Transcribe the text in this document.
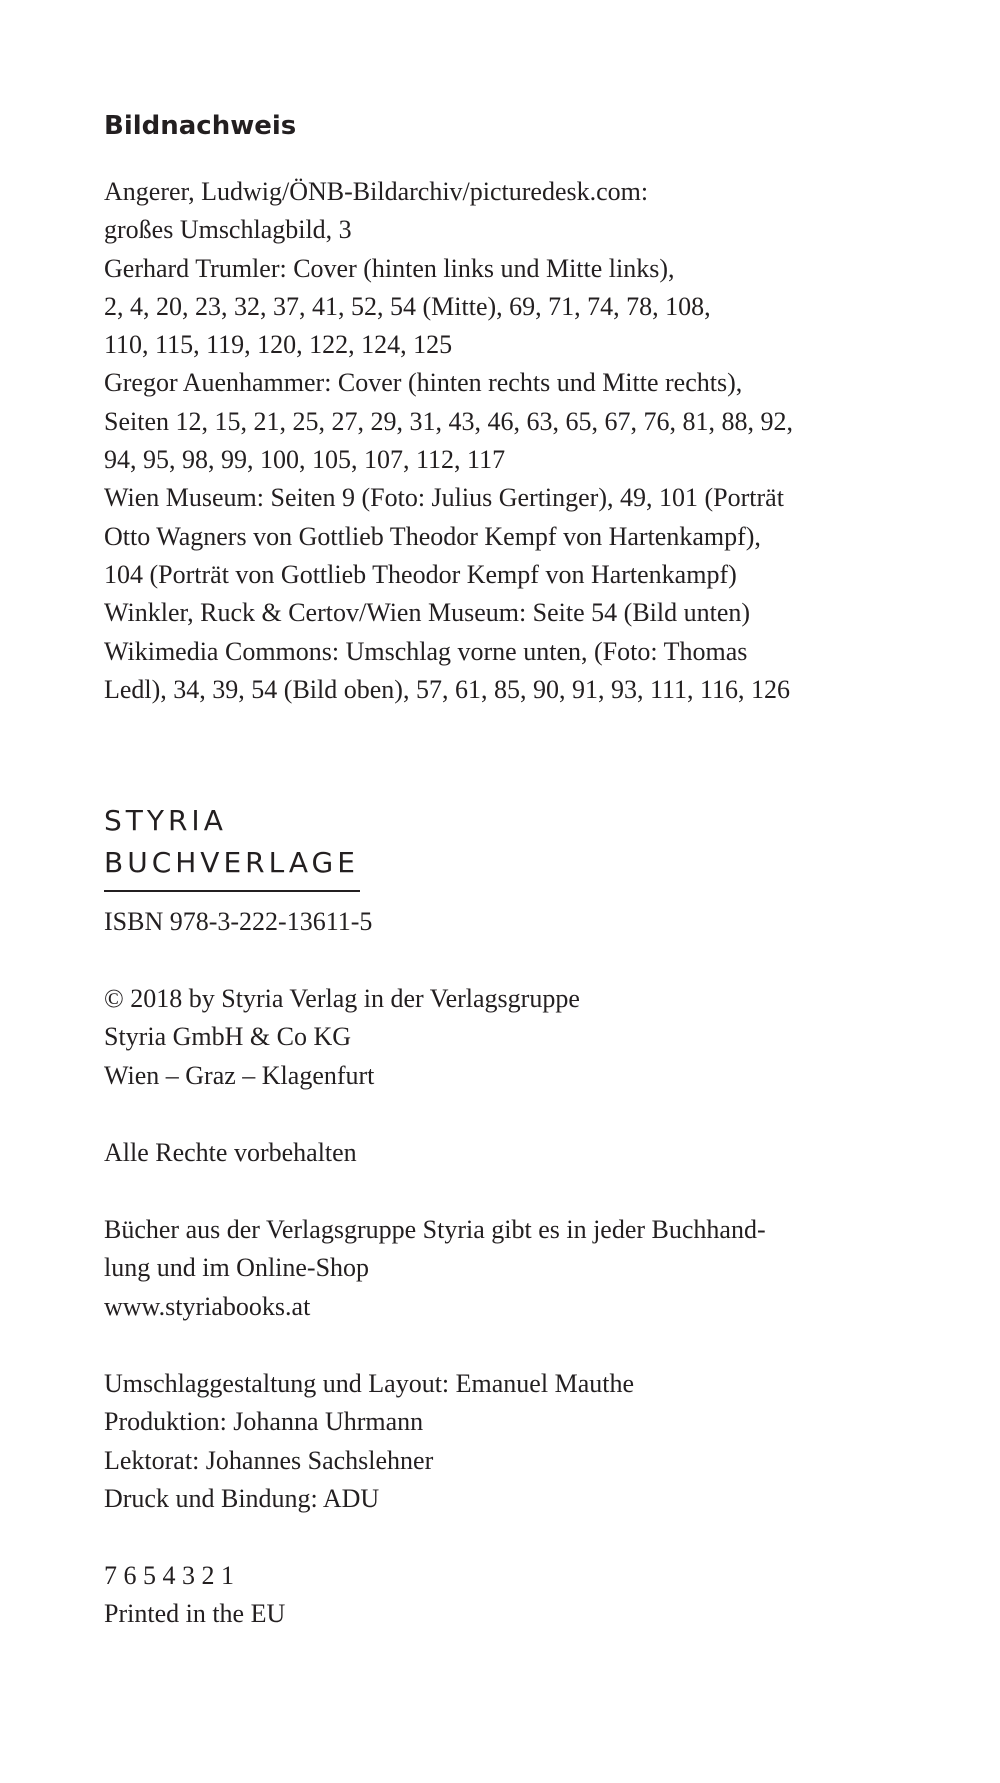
Bildnachweis
Angerer, Ludwig/ÖNB-Bildarchiv/picturedesk.com:
großes Umschlagbild, 3
Gerhard Trumler: Cover (hinten links und Mitte links),
2, 4, 20, 23, 32, 37, 41, 52, 54 (Mitte), 69, 71, 74, 78, 108,
110, 115, 119, 120, 122, 124, 125
Gregor Auenhammer: Cover (hinten rechts und Mitte rechts),
Seiten 12, 15, 21, 25, 27, 29, 31, 43, 46, 63, 65, 67, 76, 81, 88, 92,
94, 95, 98, 99, 100, 105, 107, 112, 117
Wien Museum: Seiten 9 (Foto: Julius Gertinger), 49, 101 (Porträt
Otto Wagners von Gottlieb Theodor Kempf von Hartenkampf),
104 (Porträt von Gottlieb Theodor Kempf von Hartenkampf)
Winkler, Ruck & Certov/Wien Museum: Seite 54 (Bild unten)
Wikimedia Commons: Umschlag vorne unten, (Foto: Thomas
Ledl), 34, 39, 54 (Bild oben), 57, 61, 85, 90, 91, 93, 111, 116, 126
STYRIA
BUCHVERLAGE
ISBN 978-3-222-13611-5
© 2018 by Styria Verlag in der Verlagsgruppe
Styria GmbH & Co KG
Wien – Graz – Klagenfurt
Alle Rechte vorbehalten
Bücher aus der Verlagsgruppe Styria gibt es in jeder Buchhand-
lung und im Online-Shop
www.styriabooks.at
Umschlaggestaltung und Layout: Emanuel Mauthe
Produktion: Johanna Uhrmann
Lektorat: Johannes Sachslehner
Druck und Bindung: ADU
7 6 5 4 3 2 1
Printed in the EU
